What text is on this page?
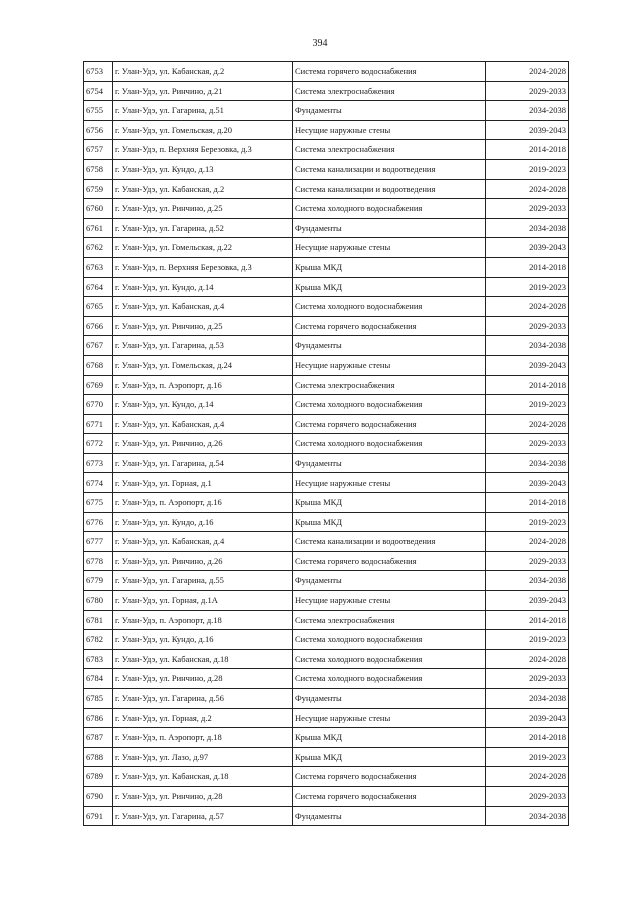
394
6753	г. Улан-Удэ, ул. Кабанская, д.2	Система горячего водоснабжения	2024-2028
6754	г. Улан-Удэ, ул. Ринчино, д.21	Система электроснабжения	2029-2033
6755	г. Улан-Удэ, ул. Гагарина, д.51	Фундаменты	2034-2038
6756	г. Улан-Удэ, ул. Гомельская, д.20	Несущие наружные стены	2039-2043
6757	г. Улан-Удэ, п. Верхняя Березовка, д.3	Система электроснабжения	2014-2018
6758	г. Улан-Удэ, ул. Кундо, д.13	Система канализации и водоотведения	2019-2023
6759	г. Улан-Удэ, ул. Кабанская, д.2	Система канализации и водоотведения	2024-2028
6760	г. Улан-Удэ, ул. Ринчино, д.25	Система холодного водоснабжения	2029-2033
6761	г. Улан-Удэ, ул. Гагарина, д.52	Фундаменты	2034-2038
6762	г. Улан-Удэ, ул. Гомельская, д.22	Несущие наружные стены	2039-2043
6763	г. Улан-Удэ, п. Верхняя Березовка, д.3	Крыша МКД	2014-2018
6764	г. Улан-Удэ, ул. Кундо, д.14	Крыша МКД	2019-2023
6765	г. Улан-Удэ, ул. Кабанская, д.4	Система холодного водоснабжения	2024-2028
6766	г. Улан-Удэ, ул. Ринчино, д.25	Система горячего водоснабжения	2029-2033
6767	г. Улан-Удэ, ул. Гагарина, д.53	Фундаменты	2034-2038
6768	г. Улан-Удэ, ул. Гомельская, д.24	Несущие наружные стены	2039-2043
6769	г. Улан-Удэ, п. Аэропорт, д.16	Система электроснабжения	2014-2018
6770	г. Улан-Удэ, ул. Кундо, д.14	Система холодного водоснабжения	2019-2023
6771	г. Улан-Удэ, ул. Кабанская, д.4	Система горячего водоснабжения	2024-2028
6772	г. Улан-Удэ, ул. Ринчино, д.26	Система холодного водоснабжения	2029-2033
6773	г. Улан-Удэ, ул. Гагарина, д.54	Фундаменты	2034-2038
6774	г. Улан-Удэ, ул. Горная, д.1	Несущие наружные стены	2039-2043
6775	г. Улан-Удэ, п. Аэропорт, д.16	Крыша МКД	2014-2018
6776	г. Улан-Удэ, ул. Кундо, д.16	Крыша МКД	2019-2023
6777	г. Улан-Удэ, ул. Кабанская, д.4	Система канализации и водоотведения	2024-2028
6778	г. Улан-Удэ, ул. Ринчино, д.26	Система горячего водоснабжения	2029-2033
6779	г. Улан-Удэ, ул. Гагарина, д.55	Фундаменты	2034-2038
6780	г. Улан-Удэ, ул. Горная, д.1А	Несущие наружные стены	2039-2043
6781	г. Улан-Удэ, п. Аэропорт, д.18	Система электроснабжения	2014-2018
6782	г. Улан-Удэ, ул. Кундо, д.16	Система холодного водоснабжения	2019-2023
6783	г. Улан-Удэ, ул. Кабанская, д.18	Система холодного водоснабжения	2024-2028
6784	г. Улан-Удэ, ул. Ринчино, д.28	Система холодного водоснабжения	2029-2033
6785	г. Улан-Удэ, ул. Гагарина, д.56	Фундаменты	2034-2038
6786	г. Улан-Удэ, ул. Горная, д.2	Несущие наружные стены	2039-2043
6787	г. Улан-Удэ, п. Аэропорт, д.18	Крыша МКД	2014-2018
6788	г. Улан-Удэ, ул. Лазо, д.97	Крыша МКД	2019-2023
6789	г. Улан-Удэ, ул. Кабанская, д.18	Система горячего водоснабжения	2024-2028
6790	г. Улан-Удэ, ул. Ринчино, д.28	Система горячего водоснабжения	2029-2033
6791	г. Улан-Удэ, ул. Гагарина, д.57	Фундаменты	2034-2038
